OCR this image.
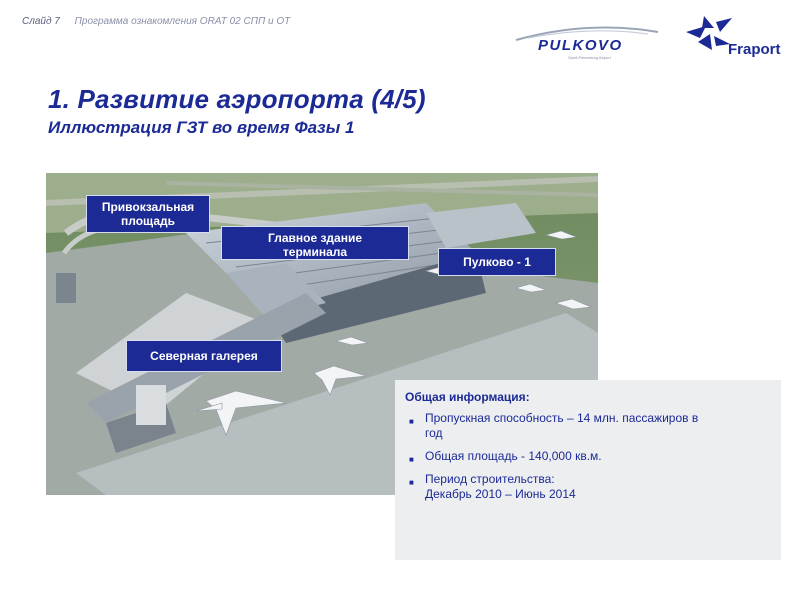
Слайд 7 Программа ознакомления ORAT 02 СПП и ОТ
PULKOVO
Saint-Petersburg Airport	Fraport
1. Развитие аэропорта (4/5)
Иллюстрация ГЗТ во время Фазы 1
Привокзальная
площадь
Главное здание
терминала
Пулково - 1
Северная галерея
Общая информация:
■ Пропускная способность – 14 млн. пассажиров в
год
■ Общая площадь - 140,000 кв.м.
■ Период строительства:
Декабрь 2010 – Июнь 2014
